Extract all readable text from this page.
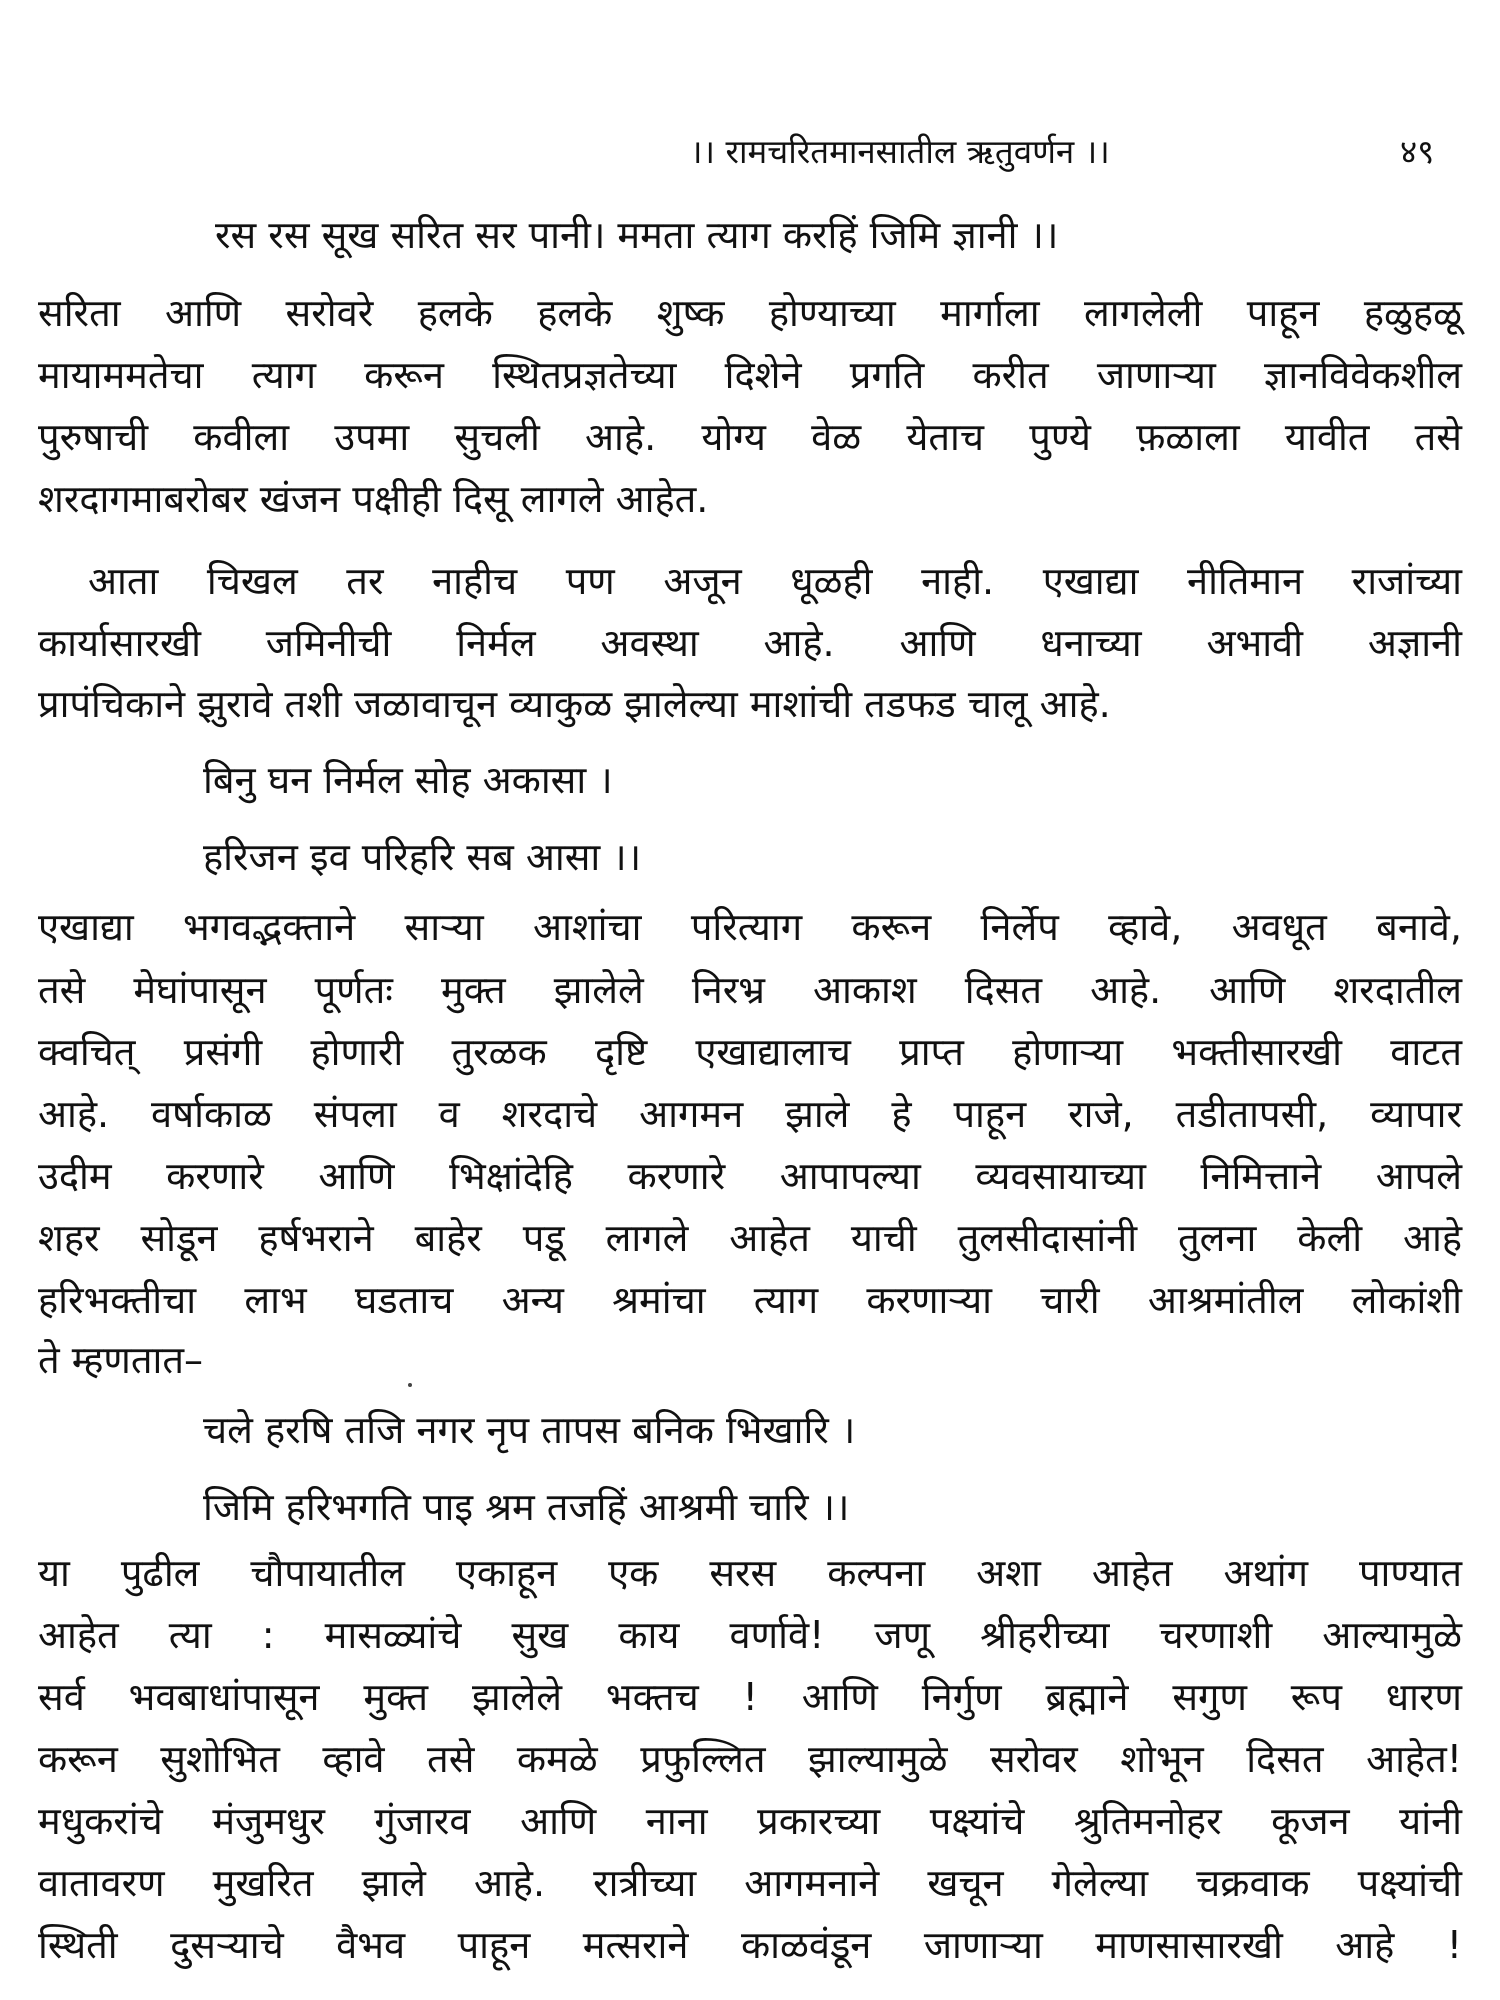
।। रामचरितमानसातील ऋतुवर्णन ।।	४९
रस रस सूख सरित सर पानी। ममता त्याग करहिं जिमि ज्ञानी ।।
सरिता आणि सरोवरे हलके हलके शुष्क होण्याच्या मार्गाला लागलेली पाहून हळुहळू
मायाममतेचा त्याग करून स्थितप्रज्ञतेच्या दिशेने प्रगति करीत जाणाऱ्या ज्ञानविवेकशील
पुरुषाची कवीला उपमा सुचली आहे. योग्य वेळ येताच पुण्ये फ़ळाला यावीत तसे
शरदागमाबरोबर खंजन पक्षीही दिसू लागले आहेत.
आता चिखल तर नाहीच पण अजून धूळही नाही. एखाद्या नीतिमान राजांच्या
कार्यासारखी जमिनीची निर्मल अवस्था आहे. आणि धनाच्या अभावी अज्ञानी
प्रापंचिकाने झुरावे तशी जळावाचून व्याकुळ झालेल्या माशांची तडफड चालू आहे.
बिनु घन निर्मल सोह अकासा ।
हरिजन इव परिहरि सब आसा ।।
एखाद्या भगवद्भक्ताने साऱ्या आशांचा परित्याग करून निर्लेप व्हावे, अवधूत बनावे,
तसे मेघांपासून पूर्णतः मुक्त झालेले निरभ्र आकाश दिसत आहे. आणि शरदातील
क्वचित् प्रसंगी होणारी तुरळक दृष्टि एखाद्यालाच प्राप्त होणाऱ्या भक्तीसारखी वाटत
आहे. वर्षाकाळ संपला व शरदाचे आगमन झाले हे पाहून राजे, तडीतापसी, व्यापार
उदीम करणारे आणि भिक्षांदेहि करणारे आपापल्या व्यवसायाच्या निमित्ताने आपले
शहर सोडून हर्षभराने बाहेर पडू लागले आहेत याची तुलसीदासांनी तुलना केली आहे
हरिभक्तीचा लाभ घडताच अन्य श्रमांचा त्याग करणाऱ्या चारी आश्रमांतील लोकांशी
ते म्हणतात–
चले हरषि तजि नगर नृप तापस बनिक भिखारि ।
जिमि हरिभगति पाइ श्रम तजहिं आश्रमी चारि ।।
या पुढील चौपायातील एकाहून एक सरस कल्पना अशा आहेत अथांग पाण्यात
आहेत त्या : मासळ्यांचे सुख काय वर्णावे! जणू श्रीहरीच्या चरणाशी आल्यामुळे
सर्व भवबाधांपासून मुक्त झालेले भक्तच ! आणि निर्गुण ब्रह्माने सगुण रूप धारण
करून सुशोभित व्हावे तसे कमळे प्रफुल्लित झाल्यामुळे सरोवर शोभून दिसत आहेत!
मधुकरांचे मंजुमधुर गुंजारव आणि नाना प्रकारच्या पक्ष्यांचे श्रुतिमनोहर कूजन यांनी
वातावरण मुखरित झाले आहे. रात्रीच्या आगमनाने खचून गेलेल्या चक्रवाक पक्ष्यांची
स्थिती दुसऱ्याचे वैभव पाहून मत्सराने काळवंडून जाणाऱ्या माणसासारखी आहे !
